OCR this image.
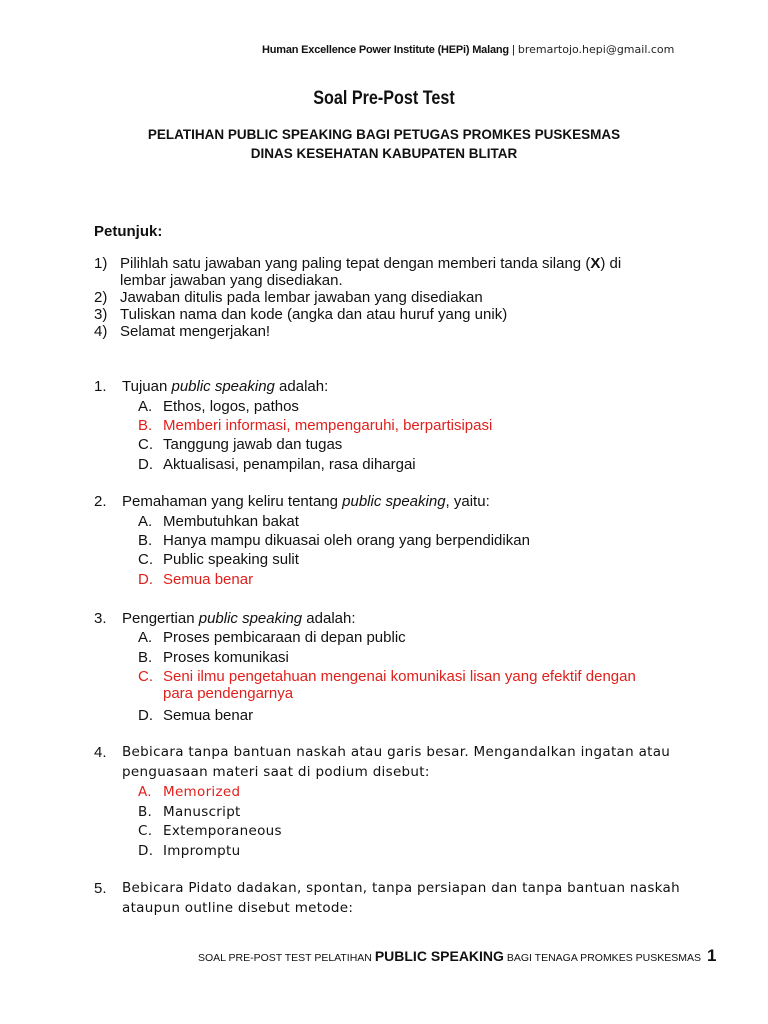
Human Excellence Power Institute (HEPi) Malang | bremartojo.hepi@gmail.com
Soal Pre-Post Test
PELATIHAN PUBLIC SPEAKING BAGI PETUGAS PROMKES PUSKESMAS
DINAS KESEHATAN KABUPATEN BLITAR
Petunjuk:
1) Pilihlah satu jawaban yang paling tepat dengan memberi tanda silang (X) di
lembar jawaban yang disediakan.
2) Jawaban ditulis pada lembar jawaban yang disediakan
3) Tuliskan nama dan kode (angka dan atau huruf yang unik)
4) Selamat mengerjakan!
1. Tujuan public speaking adalah:
A. Ethos, logos, pathos
B. Memberi informasi, mempengaruhi, berpartisipasi
C. Tanggung jawab dan tugas
D. Aktualisasi, penampilan, rasa dihargai
2. Pemahaman yang keliru tentang public speaking, yaitu:
A. Membutuhkan bakat
B. Hanya mampu dikuasai oleh orang yang berpendidikan
C. Public speaking sulit
D. Semua benar
3. Pengertian public speaking adalah:
A. Proses pembicaraan di depan public
B. Proses komunikasi
C. Seni ilmu pengetahuan mengenai komunikasi lisan yang efektif dengan
para pendengarnya
D. Semua benar
4. Bebicara tanpa bantuan naskah atau garis besar. Mengandalkan ingatan atau
penguasaan materi saat di podium disebut:
A. Memorized
B. Manuscript
C. Extemporaneous
D. Impromptu
5. Bebicara Pidato dadakan, spontan, tanpa persiapan dan tanpa bantuan naskah
ataupun outline disebut metode:
SOAL PRE-POST TEST PELATIHAN PUBLIC SPEAKING BAGI TENAGA PROMKES PUSKESMAS 1
